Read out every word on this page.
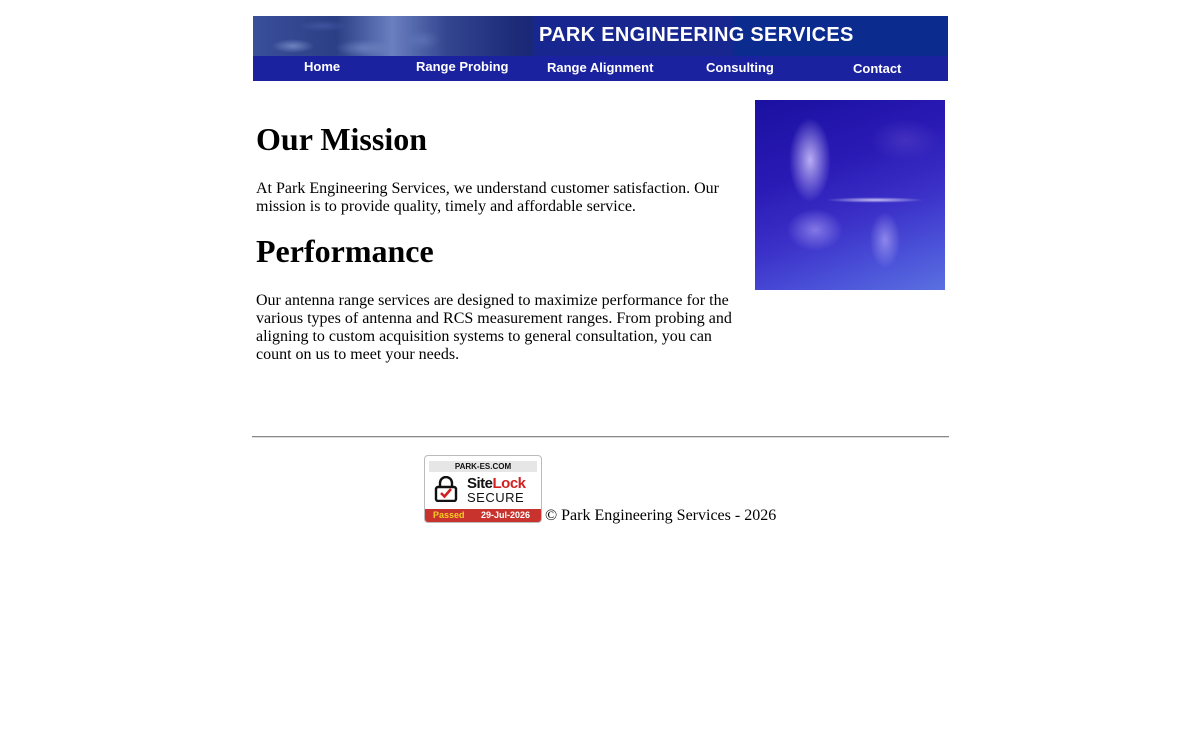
PARK ENGINEERING SERVICES
Home	Range Probing	Range Alignment	Consulting	Contact
Our Mission

At Park Engineering Services, we understand customer satisfaction. Our mission is to provide quality, timely and affordable service.

Performance

Our antenna range services are designed to maximize performance for the various types of antenna and RCS measurement ranges. From probing and aligning to custom acquisition systems to general consultation, you can count on us to meet your needs.

PARK-ES.COM
SiteLock
SECURE
Passed 29-Jul-2026 © Park Engineering Services - 2026
